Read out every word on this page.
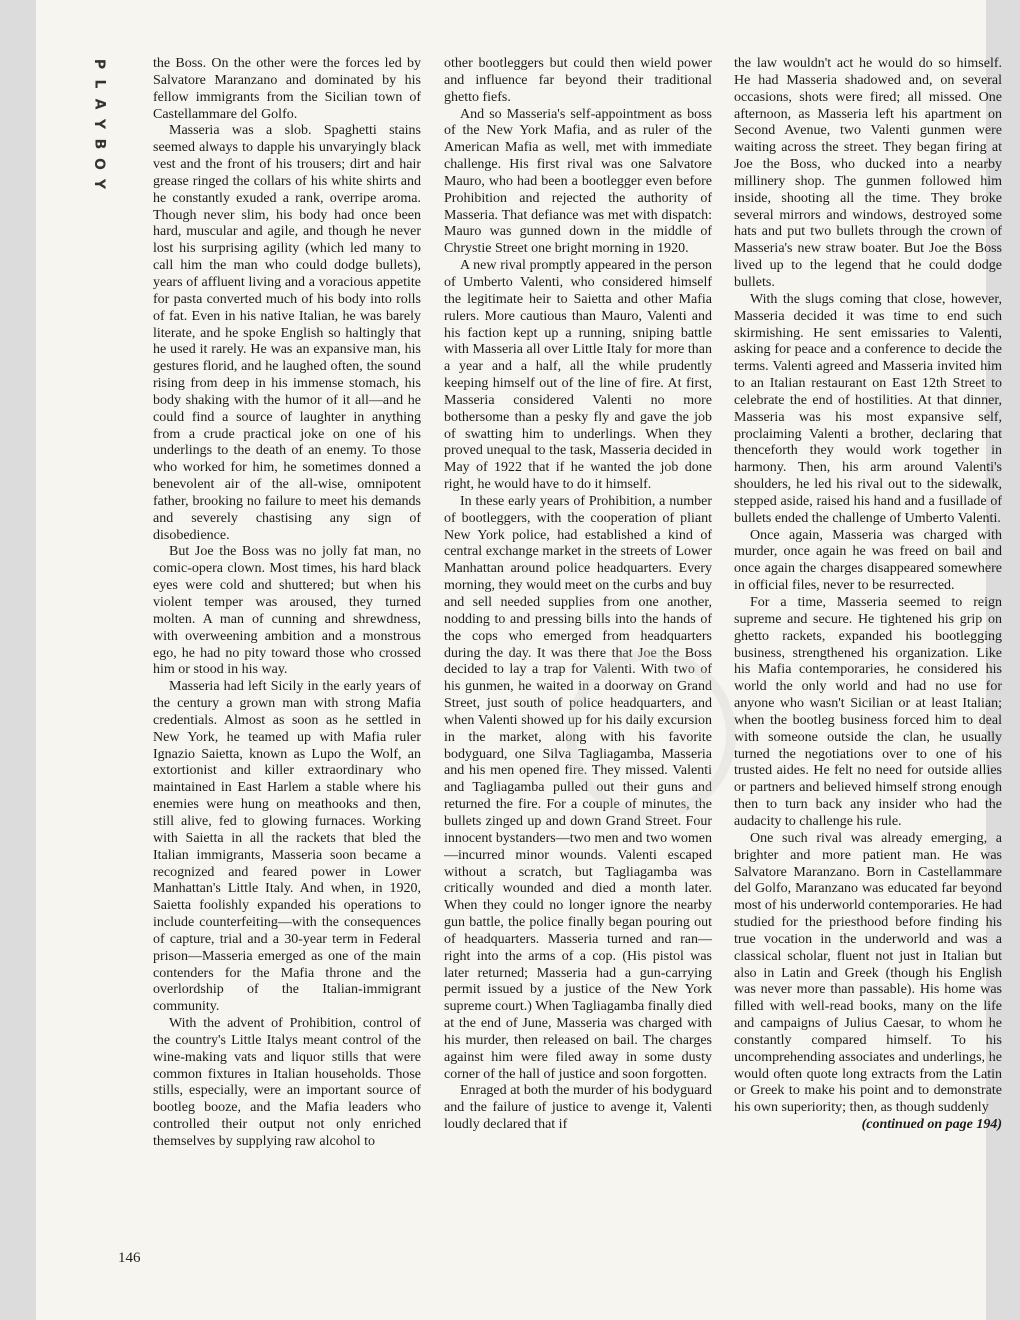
P
L
A
Y
B
O
Y

the Boss. On the other were the forces led by Salvatore Maranzano and dominated by his fellow immigrants from the Sicilian town of Castellammare del Golfo.

Masseria was a slob. Spaghetti stains seemed always to dapple his unvaryingly black vest and the front of his trousers; dirt and hair grease ringed the collars of his white shirts and he constantly exuded a rank, overripe aroma. Though never slim, his body had once been hard, muscular and agile, and though he never lost his surprising agility (which led many to call him the man who could dodge bullets), years of affluent living and a voracious appetite for pasta converted much of his body into rolls of fat. Even in his native Italian, he was barely literate, and he spoke English so haltingly that he used it rarely. He was an expansive man, his gestures florid, and he laughed often, the sound rising from deep in his immense stomach, his body shaking with the humor of it all—and he could find a source of laughter in anything from a crude practical joke on one of his underlings to the death of an enemy. To those who worked for him, he sometimes donned a benevolent air of the all-wise, omnipotent father, brooking no failure to meet his demands and severely chastising any sign of disobedience.

But Joe the Boss was no jolly fat man, no comic-opera clown. Most times, his hard black eyes were cold and shuttered; but when his violent temper was aroused, they turned molten. A man of cunning and shrewdness, with overweening ambition and a monstrous ego, he had no pity toward those who crossed him or stood in his way.

Masseria had left Sicily in the early years of the century a grown man with strong Mafia credentials. Almost as soon as he settled in New York, he teamed up with Mafia ruler Ignazio Saietta, known as Lupo the Wolf, an extortionist and killer extraordinary who maintained in East Harlem a stable where his enemies were hung on meathooks and then, still alive, fed to glowing furnaces. Working with Saietta in all the rackets that bled the Italian immigrants, Masseria soon became a recognized and feared power in Lower Manhattan's Little Italy. And when, in 1920, Saietta foolishly expanded his operations to include counterfeiting—with the consequences of capture, trial and a 30-year term in Federal prison—Masseria emerged as one of the main contenders for the Mafia throne and the overlordship of the Italian-immigrant community.

With the advent of Prohibition, control of the country's Little Italys meant control of the wine-making vats and liquor stills that were common fixtures in Italian households. Those stills, especially, were an important source of bootleg booze, and the Mafia leaders who controlled their output not only enriched themselves by supplying raw alcohol to

other bootleggers but could then wield power and influence far beyond their traditional ghetto fiefs.

And so Masseria's self-appointment as boss of the New York Mafia, and as ruler of the American Mafia as well, met with immediate challenge. His first rival was one Salvatore Mauro, who had been a bootlegger even before Prohibition and rejected the authority of Masseria. That defiance was met with dispatch: Mauro was gunned down in the middle of Chrystie Street one bright morning in 1920.

A new rival promptly appeared in the person of Umberto Valenti, who considered himself the legitimate heir to Saietta and other Mafia rulers. More cautious than Mauro, Valenti and his faction kept up a running, sniping battle with Masseria all over Little Italy for more than a year and a half, all the while prudently keeping himself out of the line of fire. At first, Masseria considered Valenti no more bothersome than a pesky fly and gave the job of swatting him to underlings. When they proved unequal to the task, Masseria decided in May of 1922 that if he wanted the job done right, he would have to do it himself.

In these early years of Prohibition, a number of bootleggers, with the cooperation of pliant New York police, had established a kind of central exchange market in the streets of Lower Manhattan around police headquarters. Every morning, they would meet on the curbs and buy and sell needed supplies from one another, nodding to and pressing bills into the hands of the cops who emerged from headquarters during the day. It was there that Joe the Boss decided to lay a trap for Valenti. With two of his gunmen, he waited in a doorway on Grand Street, just south of police headquarters, and when Valenti showed up for his daily excursion in the market, along with his favorite bodyguard, one Silva Tagliagamba, Masseria and his men opened fire. They missed. Valenti and Tagliagamba pulled out their guns and returned the fire. For a couple of minutes, the bullets zinged up and down Grand Street. Four innocent bystanders—two men and two women—incurred minor wounds. Valenti escaped without a scratch, but Tagliagamba was critically wounded and died a month later. When they could no longer ignore the nearby gun battle, the police finally began pouring out of headquarters. Masseria turned and ran—right into the arms of a cop. (His pistol was later returned; Masseria had a gun-carrying permit issued by a justice of the New York supreme court.) When Tagliagamba finally died at the end of June, Masseria was charged with his murder, then released on bail. The charges against him were filed away in some dusty corner of the hall of justice and soon forgotten.

Enraged at both the murder of his bodyguard and the failure of justice to avenge it, Valenti loudly declared that if

the law wouldn't act he would do so himself. He had Masseria shadowed and, on several occasions, shots were fired; all missed. One afternoon, as Masseria left his apartment on Second Avenue, two Valenti gunmen were waiting across the street. They began firing at Joe the Boss, who ducked into a nearby millinery shop. The gunmen followed him inside, shooting all the time. They broke several mirrors and windows, destroyed some hats and put two bullets through the crown of Masseria's new straw boater. But Joe the Boss lived up to the legend that he could dodge bullets.

With the slugs coming that close, however, Masseria decided it was time to end such skirmishing. He sent emissaries to Valenti, asking for peace and a conference to decide the terms. Valenti agreed and Masseria invited him to an Italian restaurant on East 12th Street to celebrate the end of hostilities. At that dinner, Masseria was his most expansive self, proclaiming Valenti a brother, declaring that thenceforth they would work together in harmony. Then, his arm around Valenti's shoulders, he led his rival out to the sidewalk, stepped aside, raised his hand and a fusillade of bullets ended the challenge of Umberto Valenti.

Once again, Masseria was charged with murder, once again he was freed on bail and once again the charges disappeared somewhere in official files, never to be resurrected.

For a time, Masseria seemed to reign supreme and secure. He tightened his grip on ghetto rackets, expanded his bootlegging business, strengthened his organization. Like his Mafia contemporaries, he considered his world the only world and had no use for anyone who wasn't Sicilian or at least Italian; when the bootleg business forced him to deal with someone outside the clan, he usually turned the negotiations over to one of his trusted aides. He felt no need for outside allies or partners and believed himself strong enough then to turn back any insider who had the audacity to challenge his rule.

One such rival was already emerging, a brighter and more patient man. He was Salvatore Maranzano. Born in Castellammare del Golfo, Maranzano was educated far beyond most of his underworld contemporaries. He had studied for the priesthood before finding his true vocation in the underworld and was a classical scholar, fluent not just in Italian but also in Latin and Greek (though his English was never more than passable). His home was filled with well-read books, many on the life and campaigns of Julius Caesar, to whom he constantly compared himself. To his uncomprehending associates and underlings, he would often quote long extracts from the Latin or Greek to make his point and to demonstrate his own superiority; then, as though suddenly

(continued on page 194)

146
